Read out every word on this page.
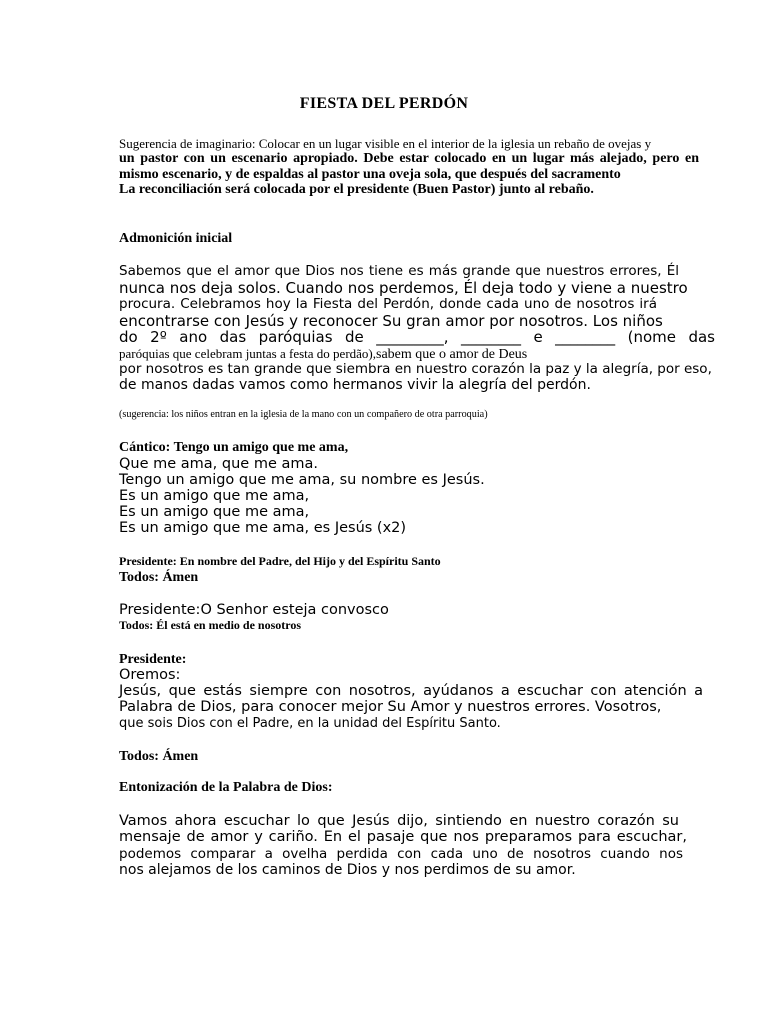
FIESTA DEL PERDÓN
Sugerencia de imaginario: Colocar en un lugar visible en el interior de la iglesia un rebaño de ovejas y
un pastor con un escenario apropiado. Debe estar colocado en un lugar más alejado, pero en
mismo escenario, y de espaldas al pastor una oveja sola, que después del sacramento
La reconciliación será colocada por el presidente (Buen Pastor) junto al rebaño.
Admonición inicial
Sabemos que el amor que Dios nos tiene es más grande que nuestros errores, Él
nunca nos deja solos. Cuando nos perdemos, Él deja todo y viene a nuestro
procura. Celebramos hoy la Fiesta del Perdón, donde cada uno de nosotros irá
encontrarse con Jesús y reconocer Su gran amor por nosotros. Los niños
do 2º ano das paróquias de _________, ________ e ________ (nome das
paróquias que celebram juntas a festa do perdão),sabem que o amor de Deus
por nosotros es tan grande que siembra en nuestro corazón la paz y la alegría, por eso,
de manos dadas vamos como hermanos vivir la alegría del perdón.
(sugerencia: los niños entran en la iglesia de la mano con un compañero de otra parroquia)
Cántico: Tengo un amigo que me ama,
Que me ama, que me ama.
Tengo un amigo que me ama, su nombre es Jesús.
Es un amigo que me ama,
Es un amigo que me ama,
Es un amigo que me ama, es Jesús (x2)
Presidente: En nombre del Padre, del Hijo y del Espíritu Santo
Todos: Ámen
Presidente:O Senhor esteja convosco
Todos: Él está en medio de nosotros
Presidente:
Oremos:
Jesús, que estás siempre con nosotros, ayúdanos a escuchar con atención a
Palabra de Dios, para conocer mejor Su Amor y nuestros errores. Vosotros,
que sois Dios con el Padre, en la unidad del Espíritu Santo.
Todos: Ámen
Entonización de la Palabra de Dios:
Vamos ahora escuchar lo que Jesús dijo, sintiendo en nuestro corazón su
mensaje de amor y cariño. En el pasaje que nos preparamos para escuchar,
podemos comparar a ovelha perdida con cada uno de nosotros cuando nos
nos alejamos de los caminos de Dios y nos perdimos de su amor.
